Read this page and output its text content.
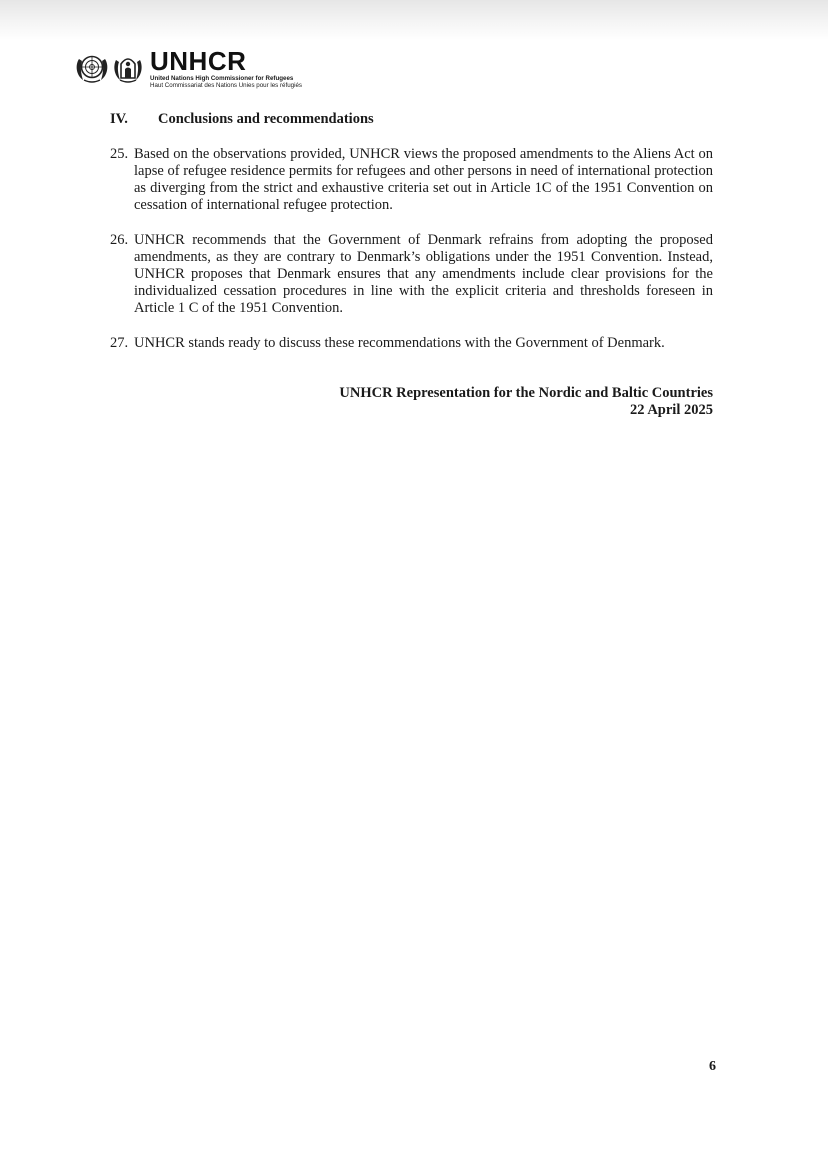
UNHCR
United Nations High Commissioner for Refugees
Haut Commissariat des Nations Unies pour les réfugiés
IV. Conclusions and recommendations
25. Based on the observations provided, UNHCR views the proposed amendments to the Aliens Act on lapse of refugee residence permits for refugees and other persons in need of international protection as diverging from the strict and exhaustive criteria set out in Article 1C of the 1951 Convention on cessation of international refugee protection.
26. UNHCR recommends that the Government of Denmark refrains from adopting the proposed amendments, as they are contrary to Denmark’s obligations under the 1951 Convention. Instead, UNHCR proposes that Denmark ensures that any amendments include clear provisions for the individualized cessation procedures in line with the explicit criteria and thresholds foreseen in Article 1 C of the 1951 Convention.
27. UNHCR stands ready to discuss these recommendations with the Government of Denmark.
UNHCR Representation for the Nordic and Baltic Countries
22 April 2025
6
